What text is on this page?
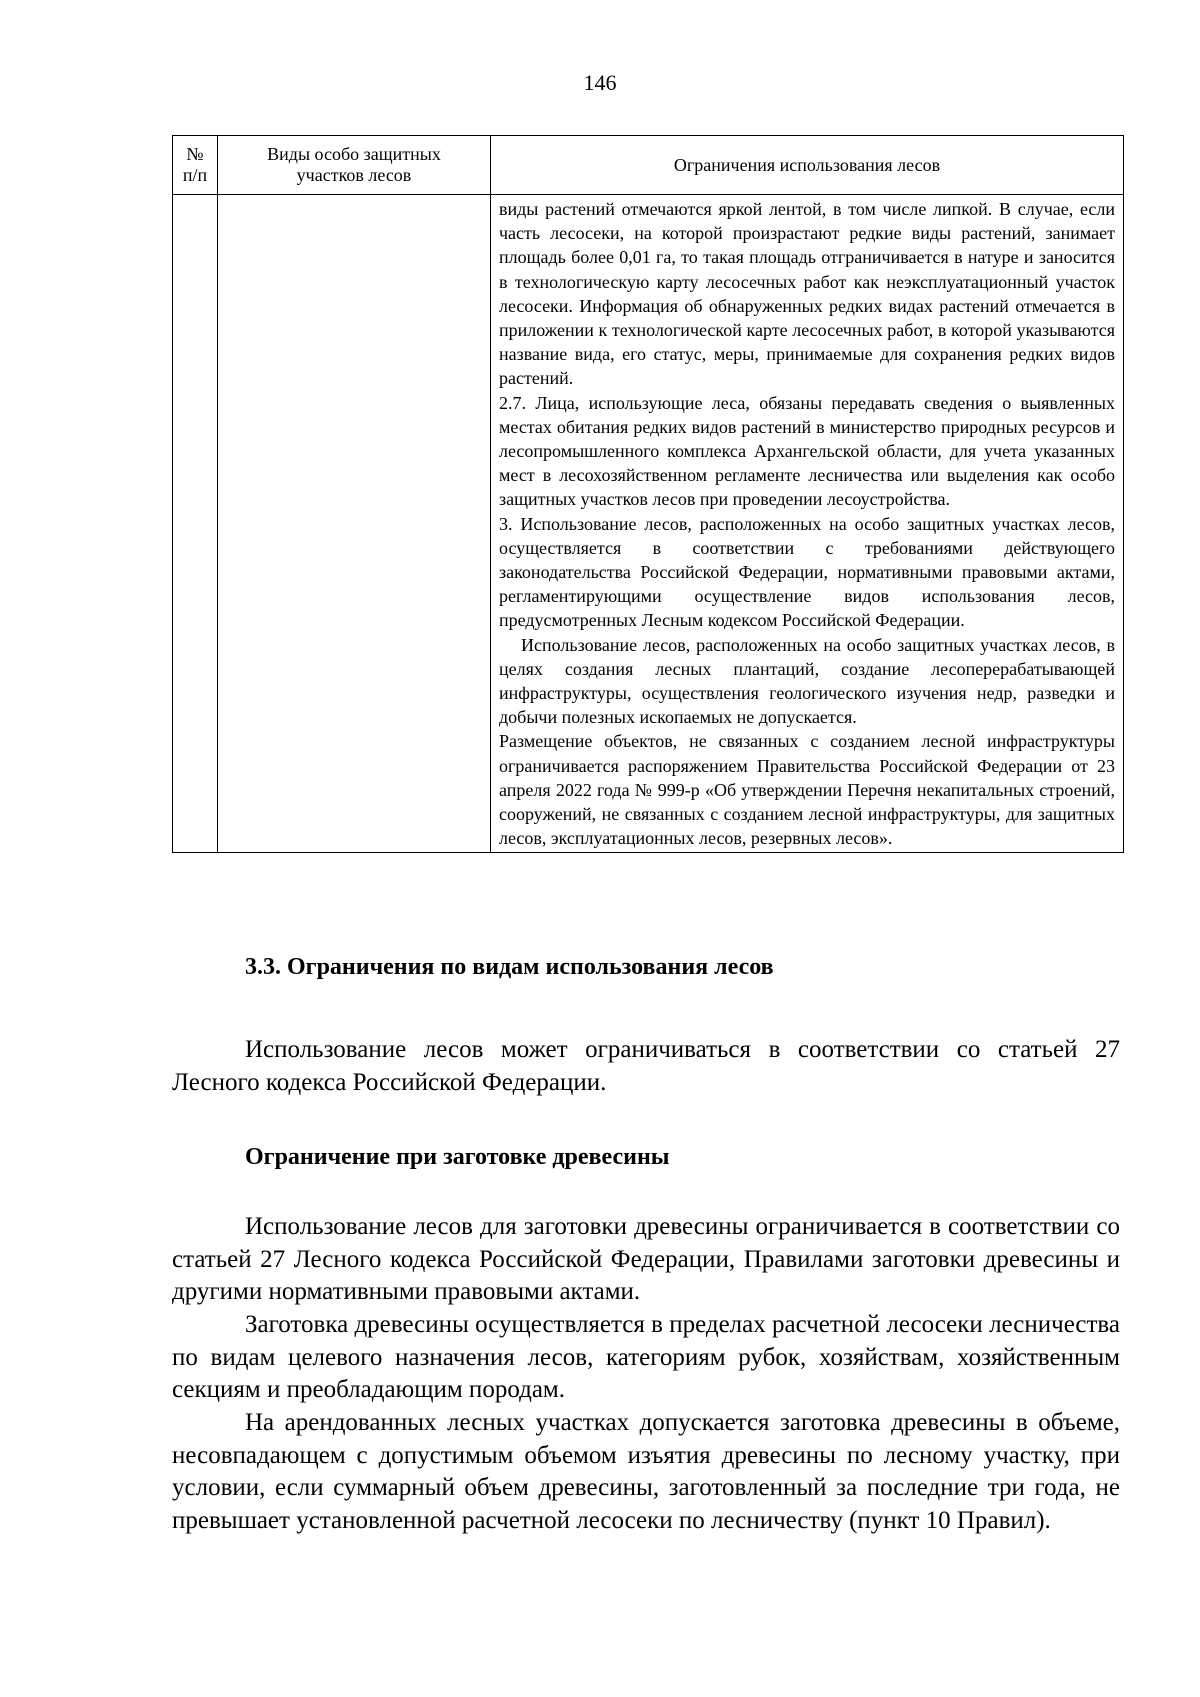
146
№ п/п	Виды особо защитных участков лесов	Ограничения использования лесов

		виды растений отмечаются яркой лентой, в том числе липкой. В случае, если часть лесосеки, на которой произрастают редкие виды растений, занимает площадь более 0,01 га, то такая площадь отграничивается в натуре и заносится в технологическую карту лесосечных работ как неэксплуатационный участок лесосеки. Информация об обнаруженных редких видах растений отмечается в приложении к технологической карте лесосечных работ, в которой указываются название вида, его статус, меры, принимаемые для сохранения редких видов растений.

2.7. Лица, использующие леса, обязаны передавать сведения о выявленных местах обитания редких видов растений в министерство природных ресурсов и лесопромышленного комплекса Архангельской области, для учета указанных мест в лесохозяйственном регламенте лесничества или выделения как особо защитных участков лесов при проведении лесоустройства.

3. Использование лесов, расположенных на особо защитных участках лесов, осуществляется в соответствии с требованиями действующего законодательства Российской Федерации, нормативными правовыми актами, регламентирующими осуществление видов использования лесов, предусмотренных Лесным кодексом Российской Федерации.

Использование лесов, расположенных на особо защитных участках лесов, в целях создания лесных плантаций, создание лесоперерабатывающей инфраструктуры, осуществления геологического изучения недр, разведки и добычи полезных ископаемых не допускается.

Размещение объектов, не связанных с созданием лесной инфраструктуры ограничивается распоряжением Правительства Российской Федерации от 23 апреля 2022 года № 999-р «Об утверждении Перечня некапитальных строений, сооружений, не связанных с созданием лесной инфраструктуры, для защитных лесов, эксплуатационных лесов, резервных лесов».

3.3. Ограничения по видам использования лесов

Использование лесов может ограничиваться в соответствии со статьей 27 Лесного кодекса Российской Федерации.

Ограничение при заготовке древесины

Использование лесов для заготовки древесины ограничивается в соответствии со статьей 27 Лесного кодекса Российской Федерации, Правилами заготовки древесины и другими нормативными правовыми актами.

Заготовка древесины осуществляется в пределах расчетной лесосеки лесничества по видам целевого назначения лесов, категориям рубок, хозяйствам, хозяйственным секциям и преобладающим породам.

На арендованных лесных участках допускается заготовка древесины в объеме, несовпадающем с допустимым объемом изъятия древесины по лесному участку, при условии, если суммарный объем древесины, заготовленный за последние три года, не превышает установленной расчетной лесосеки по лесничеству (пункт 10 Правил).
